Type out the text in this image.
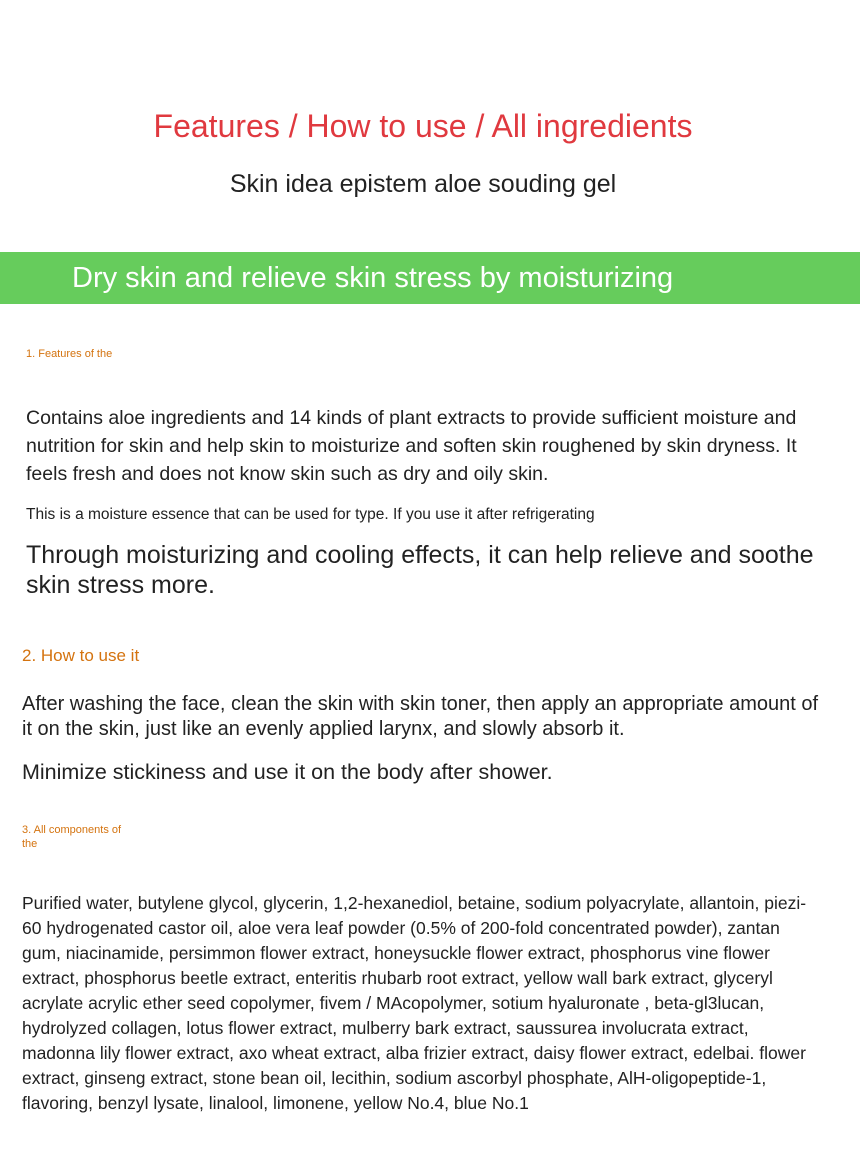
Features / How to use / All ingredients
Skin idea epistem aloe souding gel
Dry skin and relieve skin stress by moisturizing
1. Features of the
Contains aloe ingredients and 14 kinds of plant extracts to provide sufficient moisture and nutrition for skin and help skin to moisturize and soften skin roughened by skin dryness. It feels fresh and does not know skin such as dry and oily skin.
This is a moisture essence that can be used for type. If you use it after refrigerating
Through moisturizing and cooling effects, it can help relieve and soothe skin stress more.
2. How to use it
After washing the face, clean the skin with skin toner, then apply an appropriate amount of it on the skin, just like an evenly applied larynx, and slowly absorb it.
Minimize stickiness and use it on the body after shower.
3. All components of the
Purified water, butylene glycol, glycerin, 1,2-hexanediol, betaine, sodium polyacrylate, allantoin, piezi-60 hydrogenated castor oil, aloe vera leaf powder (0.5% of 200-fold concentrated powder), zantan gum, niacinamide, persimmon flower extract, honeysuckle flower extract, phosphorus vine flower extract, phosphorus beetle extract, enteritis rhubarb root extract, yellow wall bark extract, glyceryl acrylate acrylic ether seed copolymer, fivem / MAcopolymer, sotium hyaluronate , beta-gl3lucan, hydrolyzed collagen, lotus flower extract, mulberry bark extract, saussurea involucrata extract, madonna lily flower extract, axo wheat extract, alba frizier extract, daisy flower extract, edelbai. flower extract, ginseng extract, stone bean oil, lecithin, sodium ascorbyl phosphate, AlH-oligopeptide-1, flavoring, benzyl lysate, linalool, limonene, yellow No.4, blue No.1
